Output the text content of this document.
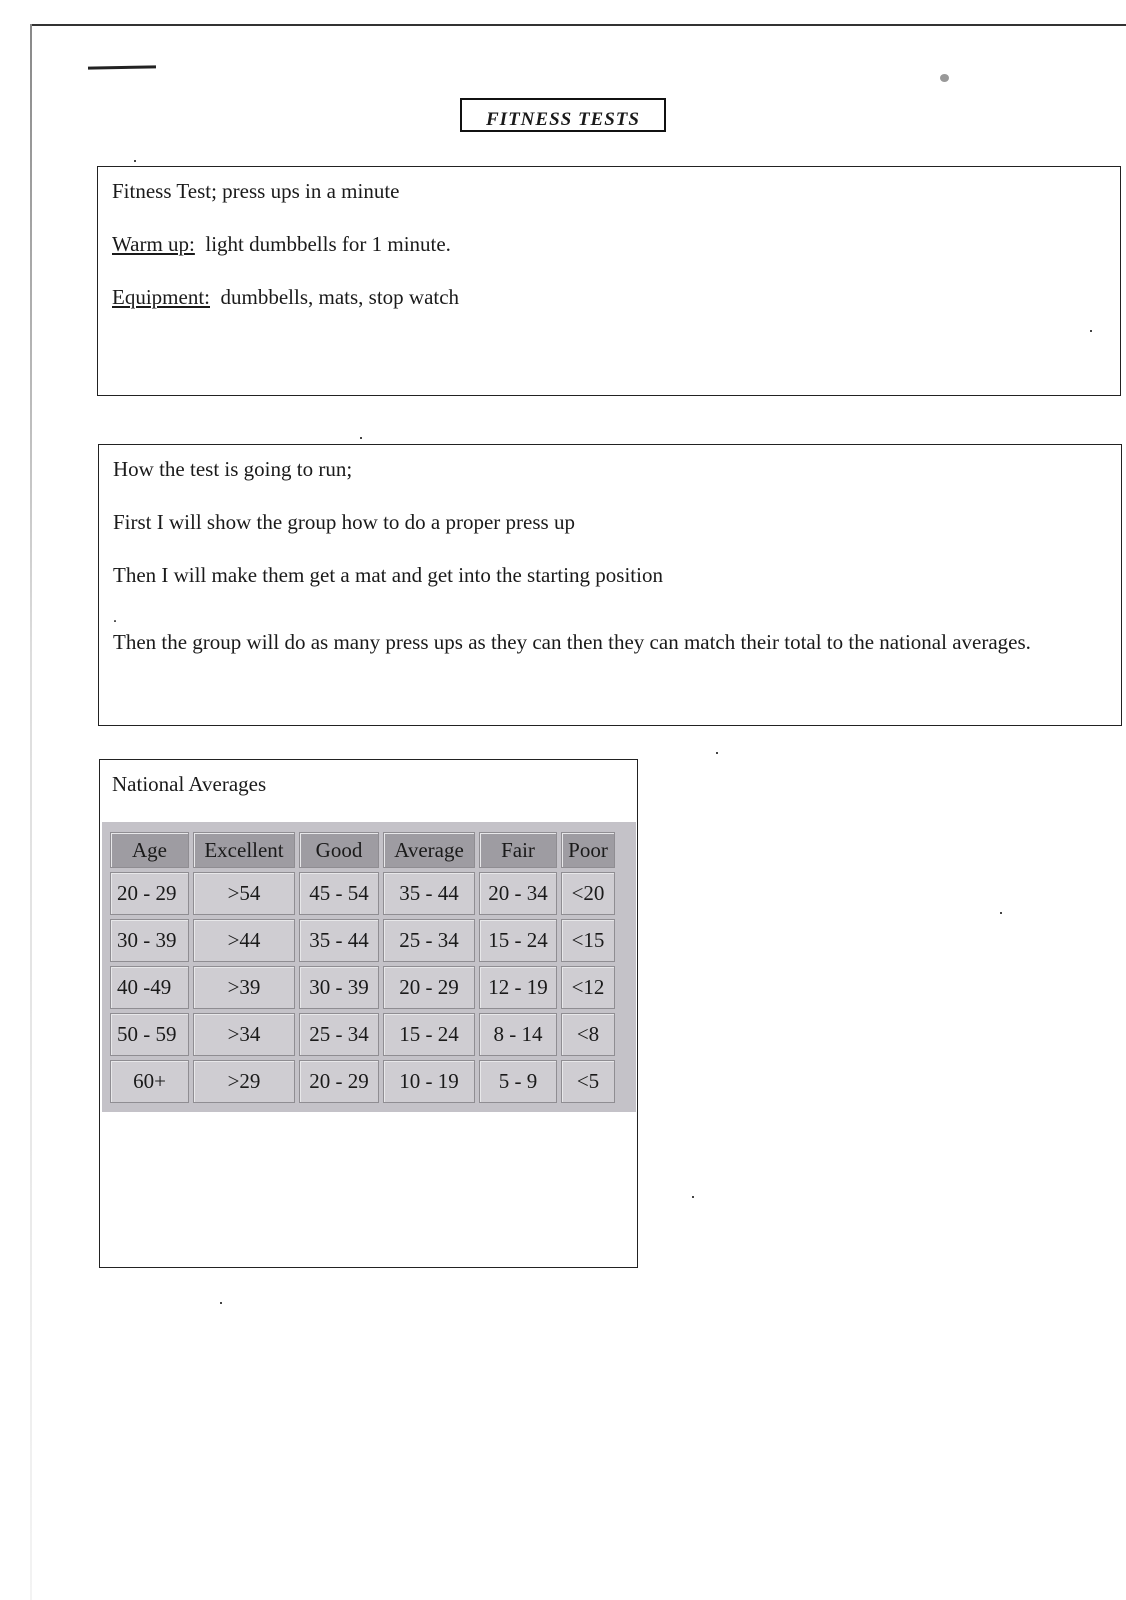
FITNESS TESTS

Fitness Test; press ups in a minute

Warm up: light dumbbells for 1 minute.

Equipment: dumbbells, mats, stop watch

How the test is going to run;

First I will show the group how to do a proper press up

Then I will make them get a mat and get into the starting position

.

Then the group will do as many press ups as they can then they can match their total to the national averages.

National Averages

Age	Excellent	Good	Average	Fair	Poor
20 - 29	>54	45 - 54	35 - 44	20 - 34	<20
30 - 39	>44	35 - 44	25 - 34	15 - 24	<15
40 -49	>39	30 - 39	20 - 29	12 - 19	<12
50 - 59	>34	25 - 34	15 - 24	8 - 14	<8
60+	>29	20 - 29	10 - 19	5 - 9	<5
